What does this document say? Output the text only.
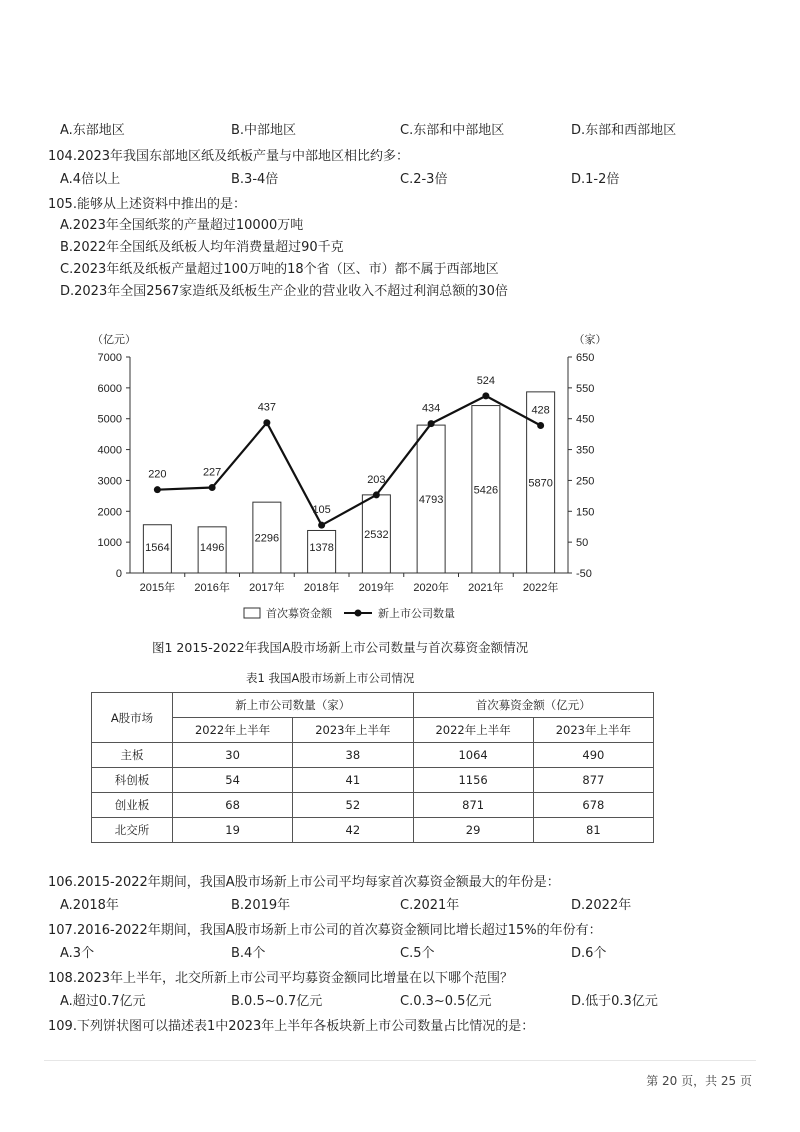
A.东部地区	B.中部地区	C.东部和中部地区	D.东部和西部地区
104.2023年我国东部地区纸及纸板产量与中部地区相比约多：
A.4倍以上	B.3-4倍	C.2-3倍	D.1-2倍
105.能够从上述资料中推出的是：
A.2023年全国纸浆的产量超过10000万吨
B.2022年全国纸及纸板人均年消费量超过90千克
C.2023年纸及纸板产量超过100万吨的18个省（区、市）都不属于西部地区
D.2023年全国2567家造纸及纸板生产企业的营业收入不超过利润总额的30倍
0
1000
2000
3000
4000
5000
6000
7000
-50
50
150
250
350
450
550
650
（亿元）	（家）
2015年 2016年 2017年 2018年 2019年 2020年 2021年 2022年
1564	1496
2296
1378
2532
4793
5426
5870
220	227
437
105
203
434
524
428
首次募资金额	新上市公司数量
图1 2015-2022年我国A股市场新上市公司数量与首次募资金额情况
表1 我国A股市场新上市公司情况
A股市场	新上市公司数量（家）		首次募资金额（亿元）	
	2022年上半年	2023年上半年	2022年上半年	2023年上半年
主板	30	38	1064	490
科创板	54	41	1156	877
创业板	68	52	871	678
北交所	19	42	29	81
106.2015-2022年期间，我国A股市场新上市公司平均每家首次募资金额最大的年份是：
A.2018年	B.2019年	C.2021年	D.2022年
107.2016-2022年期间，我国A股市场新上市公司的首次募资金额同比增长超过15%的年份有：
A.3个	B.4个	C.5个	D.6个
108.2023年上半年，北交所新上市公司平均募资金额同比增量在以下哪个范围？
A.超过0.7亿元	B.0.5~0.7亿元	C.0.3~0.5亿元	D.低于0.3亿元
109.下列饼状图可以描述表1中2023年上半年各板块新上市公司数量占比情况的是：
第 20 页，共 25 页
